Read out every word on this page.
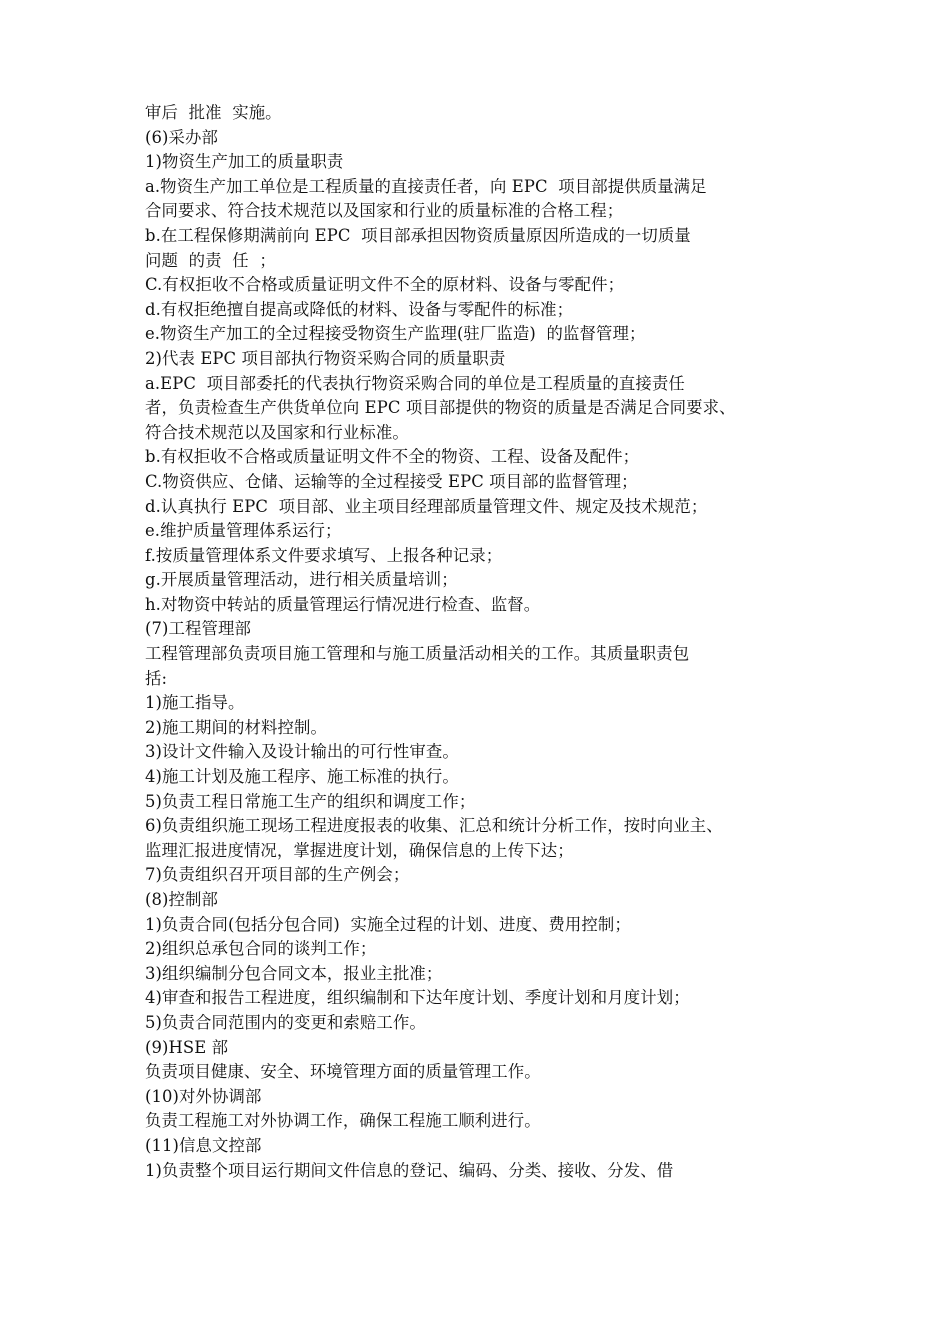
审后  批准  实施。
(6)采办部
1)物资生产加工的质量职责
a.物资生产加工单位是工程质量的直接责任者，向 EPC  项目部提供质量满足
合同要求、符合技术规范以及国家和行业的质量标准的合格工程；
b.在工程保修期满前向 EPC  项目部承担因物资质量原因所造成的一切质量
问题  的责  任  ；
C.有权拒收不合格或质量证明文件不全的原材料、设备与零配件；
d.有权拒绝擅自提高或降低的材料、设备与零配件的标准；
e.物资生产加工的全过程接受物资生产监理(驻厂监造)  的监督管理；
2)代表 EPC 项目部执行物资采购合同的质量职责
a.EPC  项目部委托的代表执行物资采购合同的单位是工程质量的直接责任
者，负责检查生产供货单位向 EPC 项目部提供的物资的质量是否满足合同要求、
符合技术规范以及国家和行业标准。
b.有权拒收不合格或质量证明文件不全的物资、工程、设备及配件；
C.物资供应、仓储、运输等的全过程接受 EPC 项目部的监督管理；
d.认真执行 EPC  项目部、业主项目经理部质量管理文件、规定及技术规范；
e.维护质量管理体系运行；
f.按质量管理体系文件要求填写、上报各种记录；
g.开展质量管理活动，进行相关质量培训；
h.对物资中转站的质量管理运行情况进行检查、监督。
(7)工程管理部
工程管理部负责项目施工管理和与施工质量活动相关的工作。其质量职责包
括:
1)施工指导。
2)施工期间的材料控制。
3)设计文件输入及设计输出的可行性审查。
4)施工计划及施工程序、施工标准的执行。
5)负责工程日常施工生产的组织和调度工作；
6)负责组织施工现场工程进度报表的收集、汇总和统计分析工作，按时向业主、
监理汇报进度情况，掌握进度计划，确保信息的上传下达；
7)负责组织召开项目部的生产例会；
(8)控制部
1)负责合同(包括分包合同)  实施全过程的计划、进度、费用控制；
2)组织总承包合同的谈判工作；
3)组织编制分包合同文本，报业主批准；
4)审查和报告工程进度，组织编制和下达年度计划、季度计划和月度计划；
5)负责合同范围内的变更和索赔工作。
(9)HSE 部
负责项目健康、安全、环境管理方面的质量管理工作。
(10)对外协调部
负责工程施工对外协调工作，确保工程施工顺利进行。
(11)信息文控部
1)负责整个项目运行期间文件信息的登记、编码、分类、接收、分发、借
